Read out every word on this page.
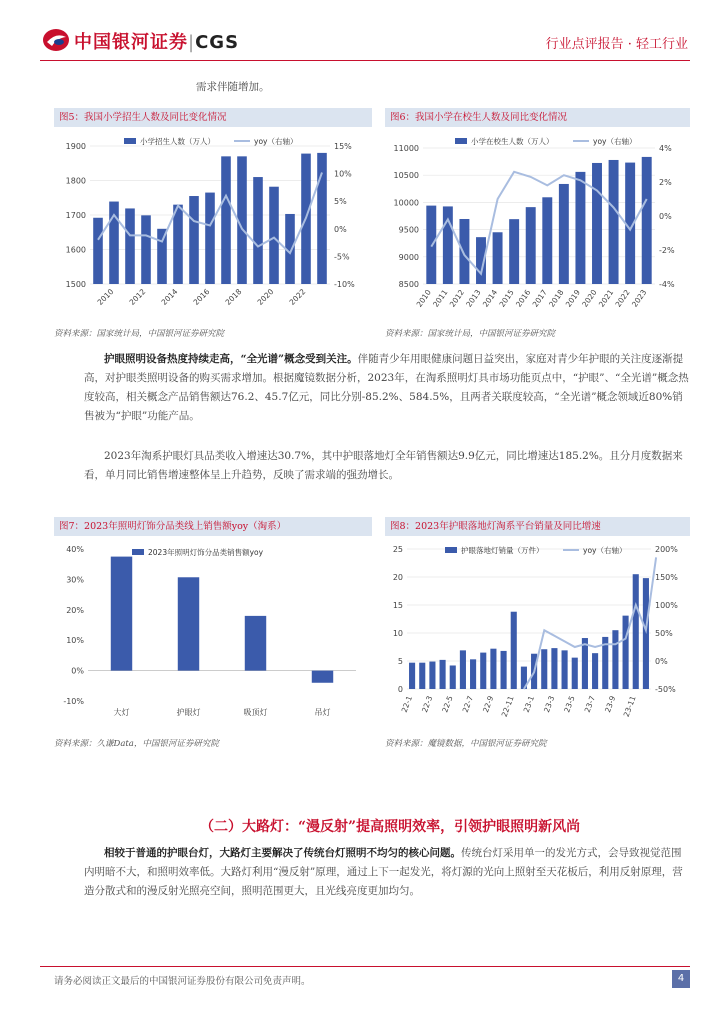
中国银河证券|CGS	行业点评报告 · 轻工行业
需求伴随增加。
图5：我国小学招生人数及同比变化情况
1500
1600
1700
1800
1900
-10%
-5%
0%
5%
10%
15%
2010 2012 2014 2016 2018 2020 2022
小学招生人数（万人）	yoy（右轴）
资料来源：国家统计局，中国银河证券研究院
图6：我国小学在校生人数及同比变化情况
8500
9000
9500
10000
10500
11000
-4%
-2%
0%
2%
4%
2010
2011
2012
2013
2014
2015
2016
2017
2018
2019
2020
2021
2022
2023
小学在校生人数（万人）	yoy（右轴）
资料来源：国家统计局，中国银河证券研究院
护眼照明设备热度持续走高，“全光谱”概念受到关注。伴随青少年用眼健康问题日益突出，家庭对青少年护眼的关注度逐渐提高，对护眼类照明设备的购买需求增加。根据魔镜数据分析，2023年，在淘系照明灯具市场功能页点中，“护眼”、“全光谱”概念热度较高，相关概念产品销售额达76.2、45.7亿元，同比分别-85.2%、584.5%，且两者关联度较高，“全光谱”概念领域近80%销售被为“护眼”功能产品。
2023年淘系护眼灯具品类收入增速达30.7%，其中护眼落地灯全年销售额达9.9亿元，同比增速达185.2%。且分月度数据来看，单月同比销售增速整体呈上升趋势，反映了需求端的强劲增长。
图7：2023年照明灯饰分品类线上销售额yoy（淘系）
-10%
0%
10%
20%
30%
40%
大灯	护眼灯	吸顶灯	吊灯
2023年照明灯饰分品类销售额yoy
资料来源：久谦Data，中国银河证券研究院
图8：2023年护眼落地灯淘系平台销量及同比增速
0
5
10
15
20
25
-50%
0%
50%
100%
150%
200%
22-1 22-3 22-5 22-7 22-9 22-11 23-1 23-3 23-5 23-7 23-9 23-11
护眼落地灯销量（万件）	yoy（右轴）
资料来源：魔镜数据，中国银河证券研究院
（二）大路灯：“漫反射”提高照明效率，引领护眼照明新风尚
相较于普通的护眼台灯，大路灯主要解决了传统台灯照明不均匀的核心问题。传统台灯采用单一的发光方式，会导致视觉范围内明暗不大，和照明效率低。大路灯利用“漫反射”原理，通过上下一起发光，将灯源的光向上照射至天花板后，利用反射原理，营造分散式和的漫反射光照亮空间，照明范围更大，且光线亮度更加均匀。
请务必阅读正文最后的中国银河证券股份有限公司免责声明。	4
